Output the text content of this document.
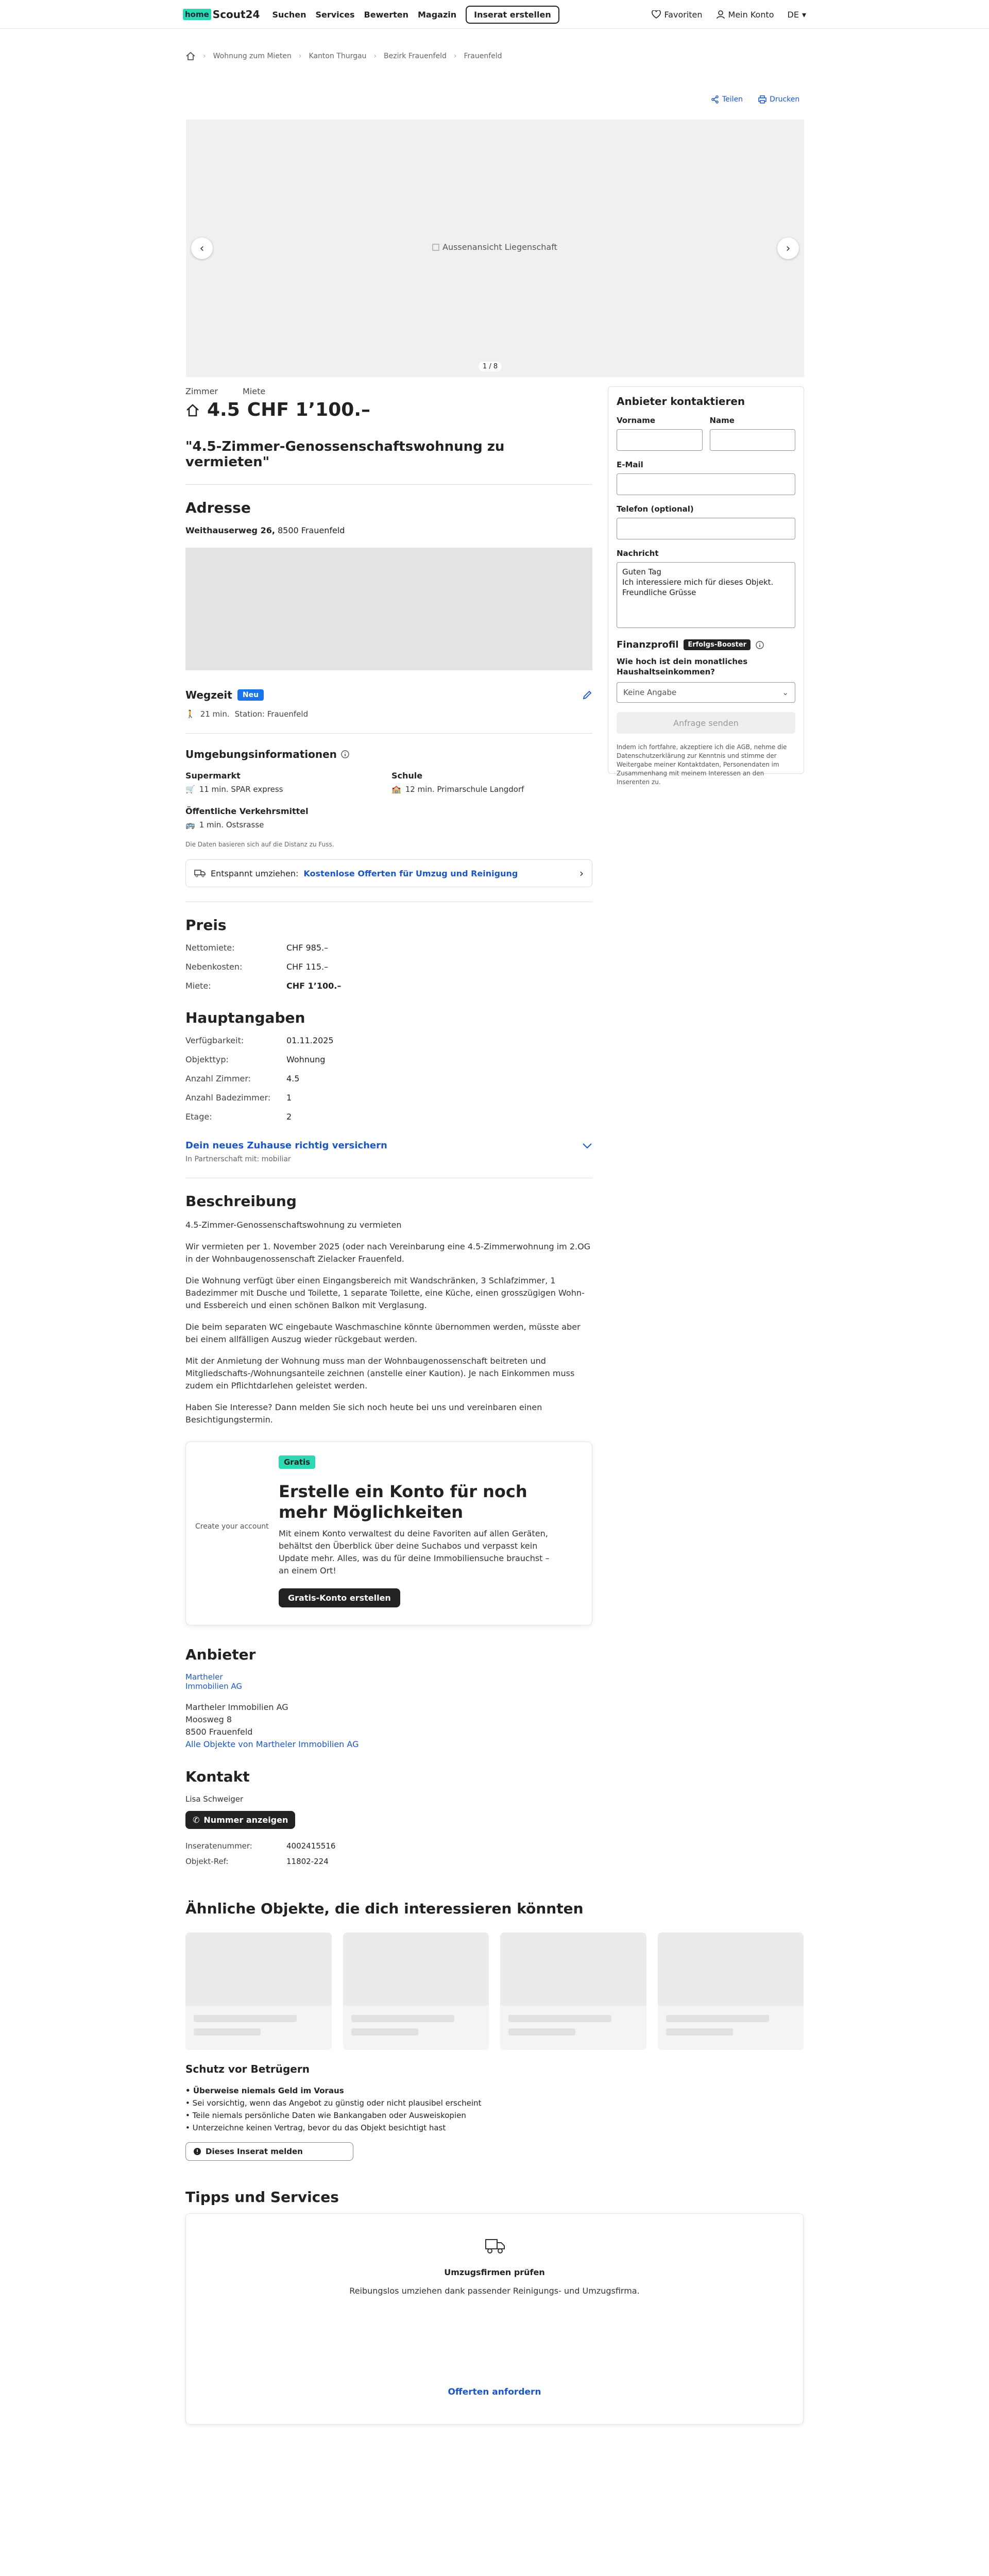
home Scout24 Suchen Services Bewerten Magazin	Inserat erstellen	Favoriten	Mein Konto DE ▾
› Wohnung zum Mieten › Kanton Thurgau › Bezirk Frauenfeld › Frauenfeld
Teilen	Drucken
Aussenansicht Liegenschaft
‹	›
1 / 8
Zimmer	Miete
4.5 CHF 1’100.–
"4.5-Zimmer-Genossenschaftswohnung zu vermieten"
Adresse
Weithauserweg 26, 8500 Frauenfeld
Wegzeit	Neu
🚶 21 min. Station: Frauenfeld
Umgebungsinformationen
Supermarkt
🛒 11 min. SPAR express
Schule
🏫 12 min. Primarschule Langdorf
Öffentliche Verkehrsmittel
🚌 1 min. Ostsrasse
Die Daten basieren sich auf die Distanz zu Fuss.
Entspannt umziehen: Kostenlose Offerten für Umzug und Reinigung	›
Preis
Nettomiete:	CHF 985.–
Nebenkosten:	CHF 115.–
Miete:	CHF 1’100.–
Hauptangaben
Verfügbarkeit:	01.11.2025
Objekttyp:	Wohnung
Anzahl Zimmer:	4.5
Anzahl Badezimmer:	1
Etage:	2
Dein neues Zuhause richtig versichern
In Partnerschaft mit: mobiliar
Beschreibung

4.5-Zimmer-Genossenschaftswohnung zu vermieten

Wir vermieten per 1. November 2025 (oder nach Vereinbarung eine 4.5-Zimmerwohnung im 2.OG in der Wohnbaugenossenschaft Zielacker Frauenfeld.

Die Wohnung verfügt über einen Eingangsbereich mit Wandschränken, 3 Schlafzimmer, 1 Badezimmer mit Dusche und Toilette, 1 separate Toilette, eine Küche, einen grosszügigen Wohn- und Essbereich und einen schönen Balkon mit Verglasung.

Die beim separaten WC eingebaute Waschmaschine könnte übernommen werden, müsste aber bei einem allfälligen Auszug wieder rückgebaut werden.

Mit der Anmietung der Wohnung muss man der Wohnbaugenossenschaft beitreten und Mitgliedschafts-/Wohnungsanteile zeichnen (anstelle einer Kaution). Je nach Einkommen muss zudem ein Pflichtdarlehen geleistet werden.

Haben Sie Interesse? Dann melden Sie sich noch heute bei uns und vereinbaren einen Besichtigungstermin.

Create your account
Gratis
Erstelle ein Konto für noch mehr Möglichkeiten
Mit einem Konto verwaltest du deine Favoriten auf allen Geräten, behältst den Überblick über deine Suchabos und verpasst kein Update mehr. Alles, was du für deine Immobiliensuche brauchst – an einem Ort!
Gratis-Konto erstellen
Anbieter
Martheler Immobilien AG
Martheler Immobilien AG
Moosweg 8
8500 Frauenfeld
Alle Objekte von Martheler Immobilien AG
Kontakt
Lisa Schweiger
✆ Nummer anzeigen
Inseratenummer:	4002415516
Objekt-Ref:	11802-224
Anbieter kontaktieren
Vorname	Name
E-Mail
Telefon (optional)
Nachricht
Guten Tag
Ich interessiere mich für dieses Objekt.
Freundliche Grüsse
Finanzprofil	Erfolgs-Booster
Wie hoch ist dein monatliches Haushaltseinkommen?
Keine Angabe	⌄
Anfrage senden
Indem ich fortfahre, akzeptiere ich die AGB, nehme die Datenschutzerklärung zur Kenntnis und stimme der Weitergabe meiner Kontaktdaten, Personendaten im Zusammenhang mit meinem Interessen an den Inserenten zu.
Ähnliche Objekte, die dich interessieren könnten
Schutz vor Betrügern
• Überweise niemals Geld im Voraus
• Sei vorsichtig, wenn das Angebot zu günstig oder nicht plausibel erscheint
• Teile niemals persönliche Daten wie Bankangaben oder Ausweiskopien
• Unterzeichne keinen Vertrag, bevor du das Objekt besichtigt hast
Dieses Inserat melden
Tipps und Services
Umzugsfirmen prüfen
Reibungslos umziehen dank passender Reinigungs- und Umzugsfirma.
Offerten anfordern
